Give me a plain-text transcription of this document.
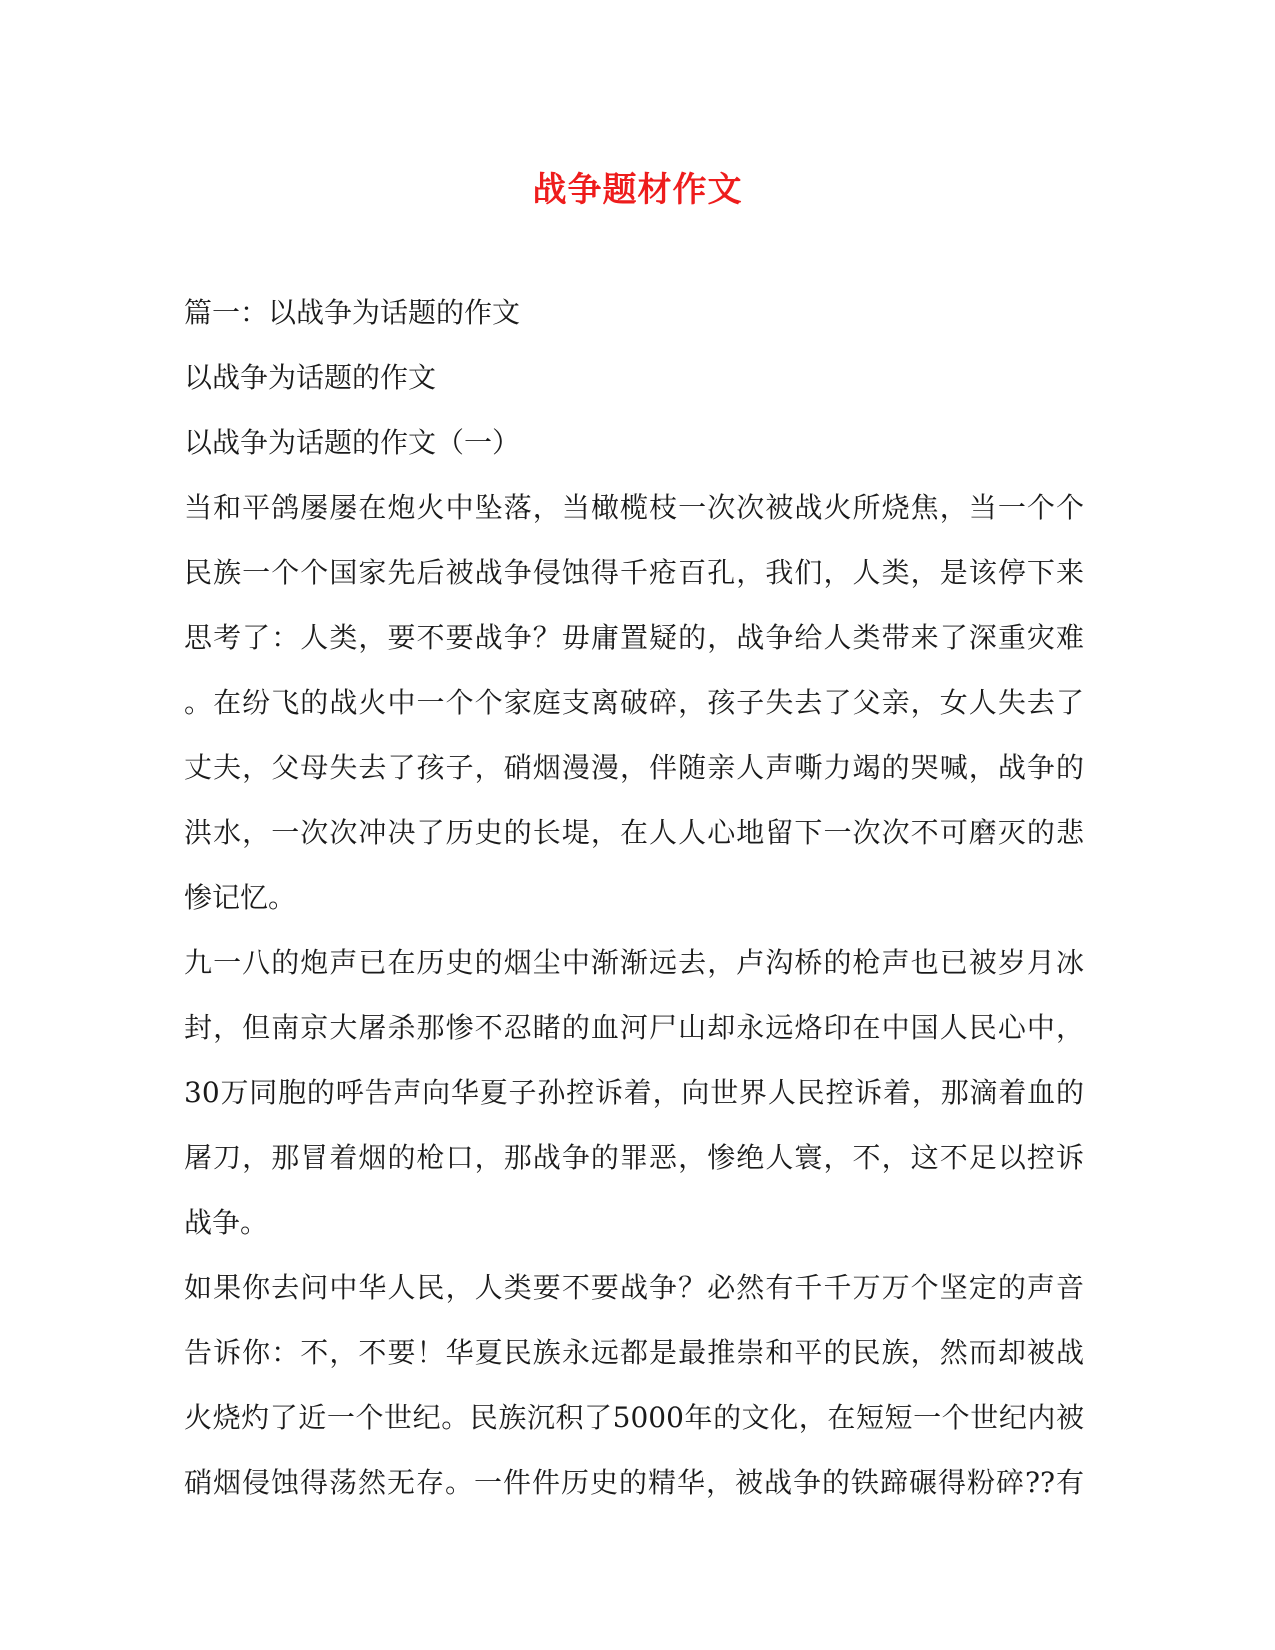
战争题材作文
篇一：以战争为话题的作文
以战争为话题的作文
以战争为话题的作文（一）
当和平鸽屡屡在炮火中坠落，当橄榄枝一次次被战火所烧焦，当一个个
民族一个个国家先后被战争侵蚀得千疮百孔，我们，人类，是该停下来
思考了：人类，要不要战争？毋庸置疑的，战争给人类带来了深重灾难
。在纷飞的战火中一个个家庭支离破碎，孩子失去了父亲，女人失去了
丈夫，父母失去了孩子，硝烟漫漫，伴随亲人声嘶力竭的哭喊，战争的
洪水，一次次冲决了历史的长堤，在人人心地留下一次次不可磨灭的悲
惨记忆。
九一八的炮声已在历史的烟尘中渐渐远去，卢沟桥的枪声也已被岁月冰
封，但南京大屠杀那惨不忍睹的血河尸山却永远烙印在中国人民心中，
30万同胞的呼告声向华夏子孙控诉着，向世界人民控诉着，那滴着血的
屠刀，那冒着烟的枪口，那战争的罪恶，惨绝人寰，不，这不足以控诉
战争。
如果你去问中华人民，人类要不要战争？必然有千千万万个坚定的声音
告诉你：不，不要！华夏民族永远都是最推崇和平的民族，然而却被战
火烧灼了近一个世纪。民族沉积了5000年的文化，在短短一个世纪内被
硝烟侵蚀得荡然无存。一件件历史的精华，被战争的铁蹄碾得粉碎??有
